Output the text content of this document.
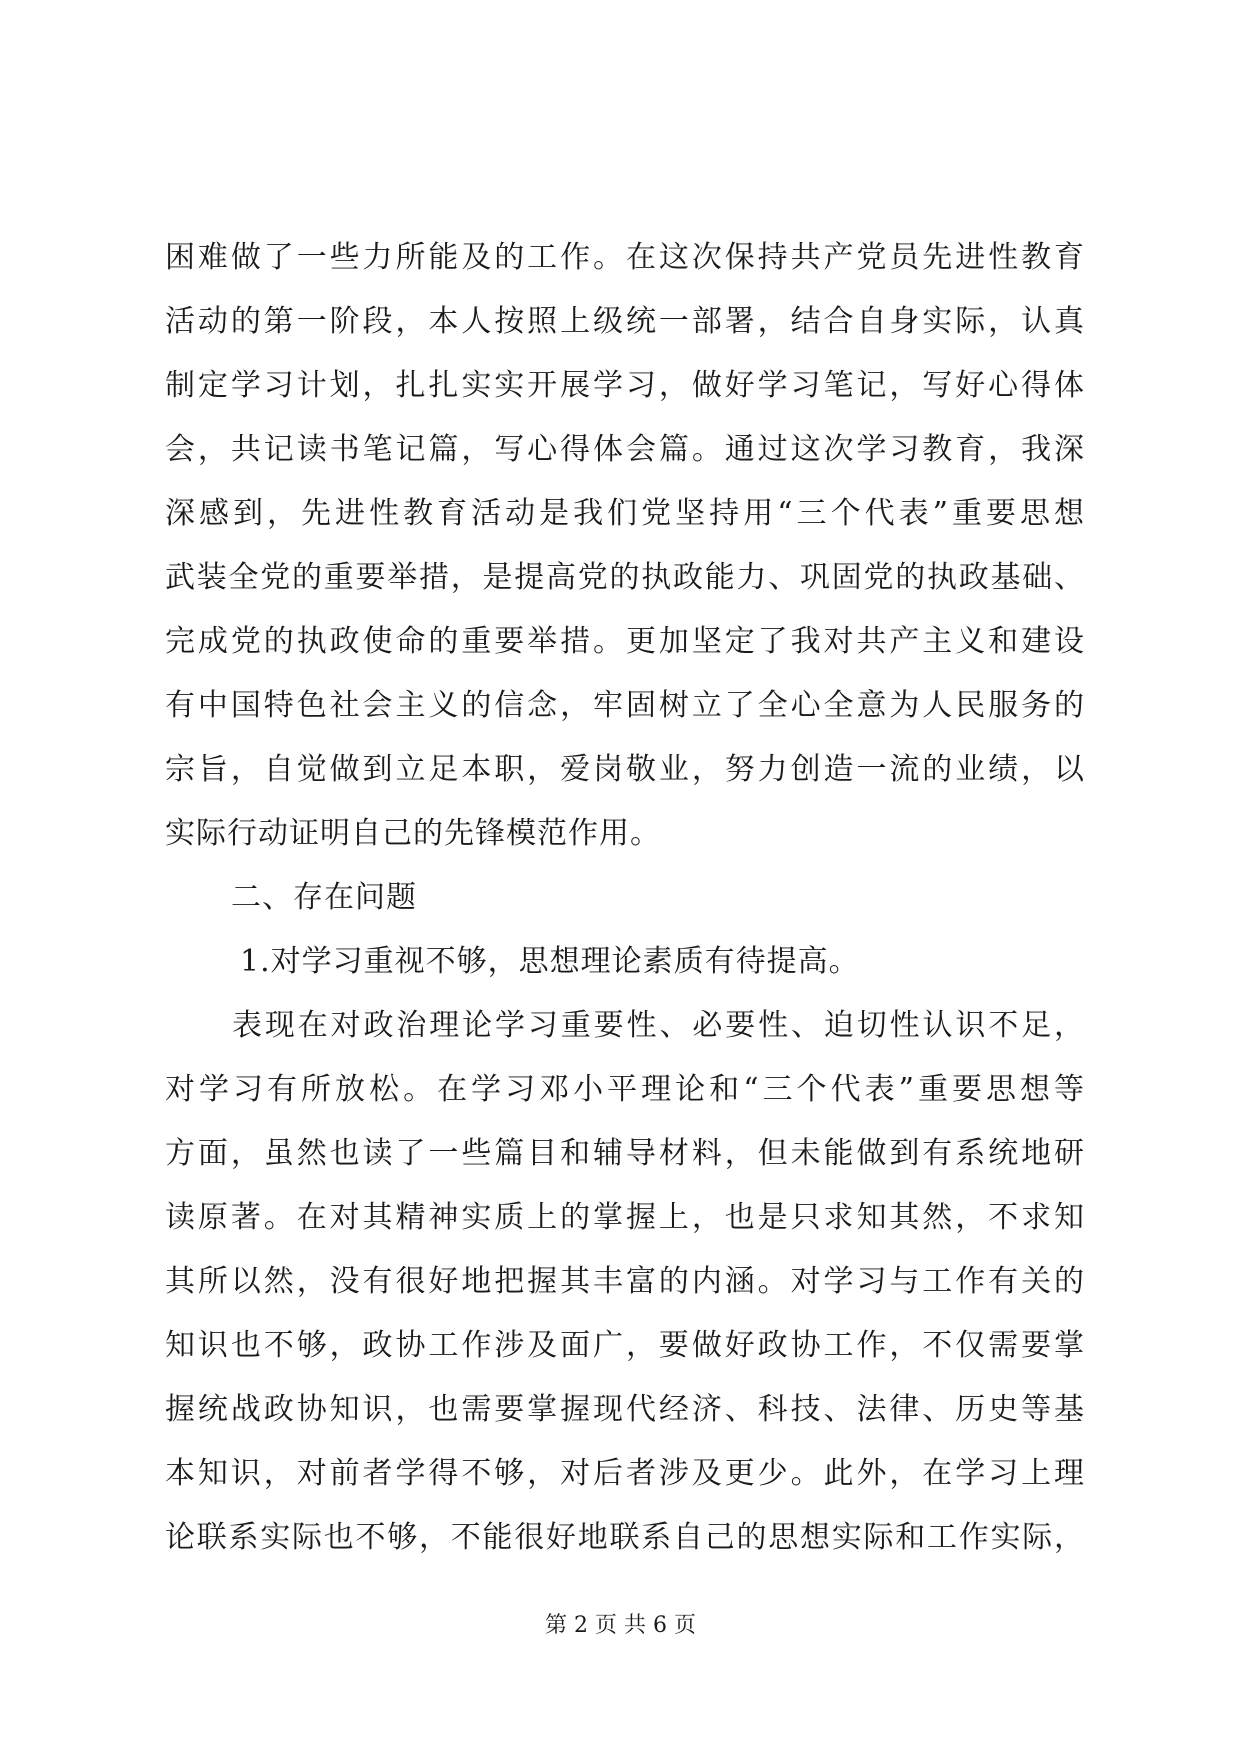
困难做了一些力所能及的工作。在这次保持共产党员先进性教育
活动的第一阶段，本人按照上级统一部署，结合自身实际，认真
制定学习计划，扎扎实实开展学习，做好学习笔记，写好心得体
会，共记读书笔记篇，写心得体会篇。通过这次学习教育，我深
深感到，先进性教育活动是我们党坚持用“三个代表”重要思想
武装全党的重要举措，是提高党的执政能力、巩固党的执政基础、
完成党的执政使命的重要举措。更加坚定了我对共产主义和建设
有中国特色社会主义的信念，牢固树立了全心全意为人民服务的
宗旨，自觉做到立足本职，爱岗敬业，努力创造一流的业绩，以
实际行动证明自己的先锋模范作用。
二、存在问题
1.对学习重视不够，思想理论素质有待提高。
表现在对政治理论学习重要性、必要性、迫切性认识不足，
对学习有所放松。在学习邓小平理论和“三个代表”重要思想等
方面，虽然也读了一些篇目和辅导材料，但未能做到有系统地研
读原著。在对其精神实质上的掌握上，也是只求知其然，不求知
其所以然，没有很好地把握其丰富的内涵。对学习与工作有关的
知识也不够，政协工作涉及面广，要做好政协工作，不仅需要掌
握统战政协知识，也需要掌握现代经济、科技、法律、历史等基
本知识，对前者学得不够，对后者涉及更少。此外，在学习上理
论联系实际也不够，不能很好地联系自己的思想实际和工作实际，
第 2 页 共 6 页
